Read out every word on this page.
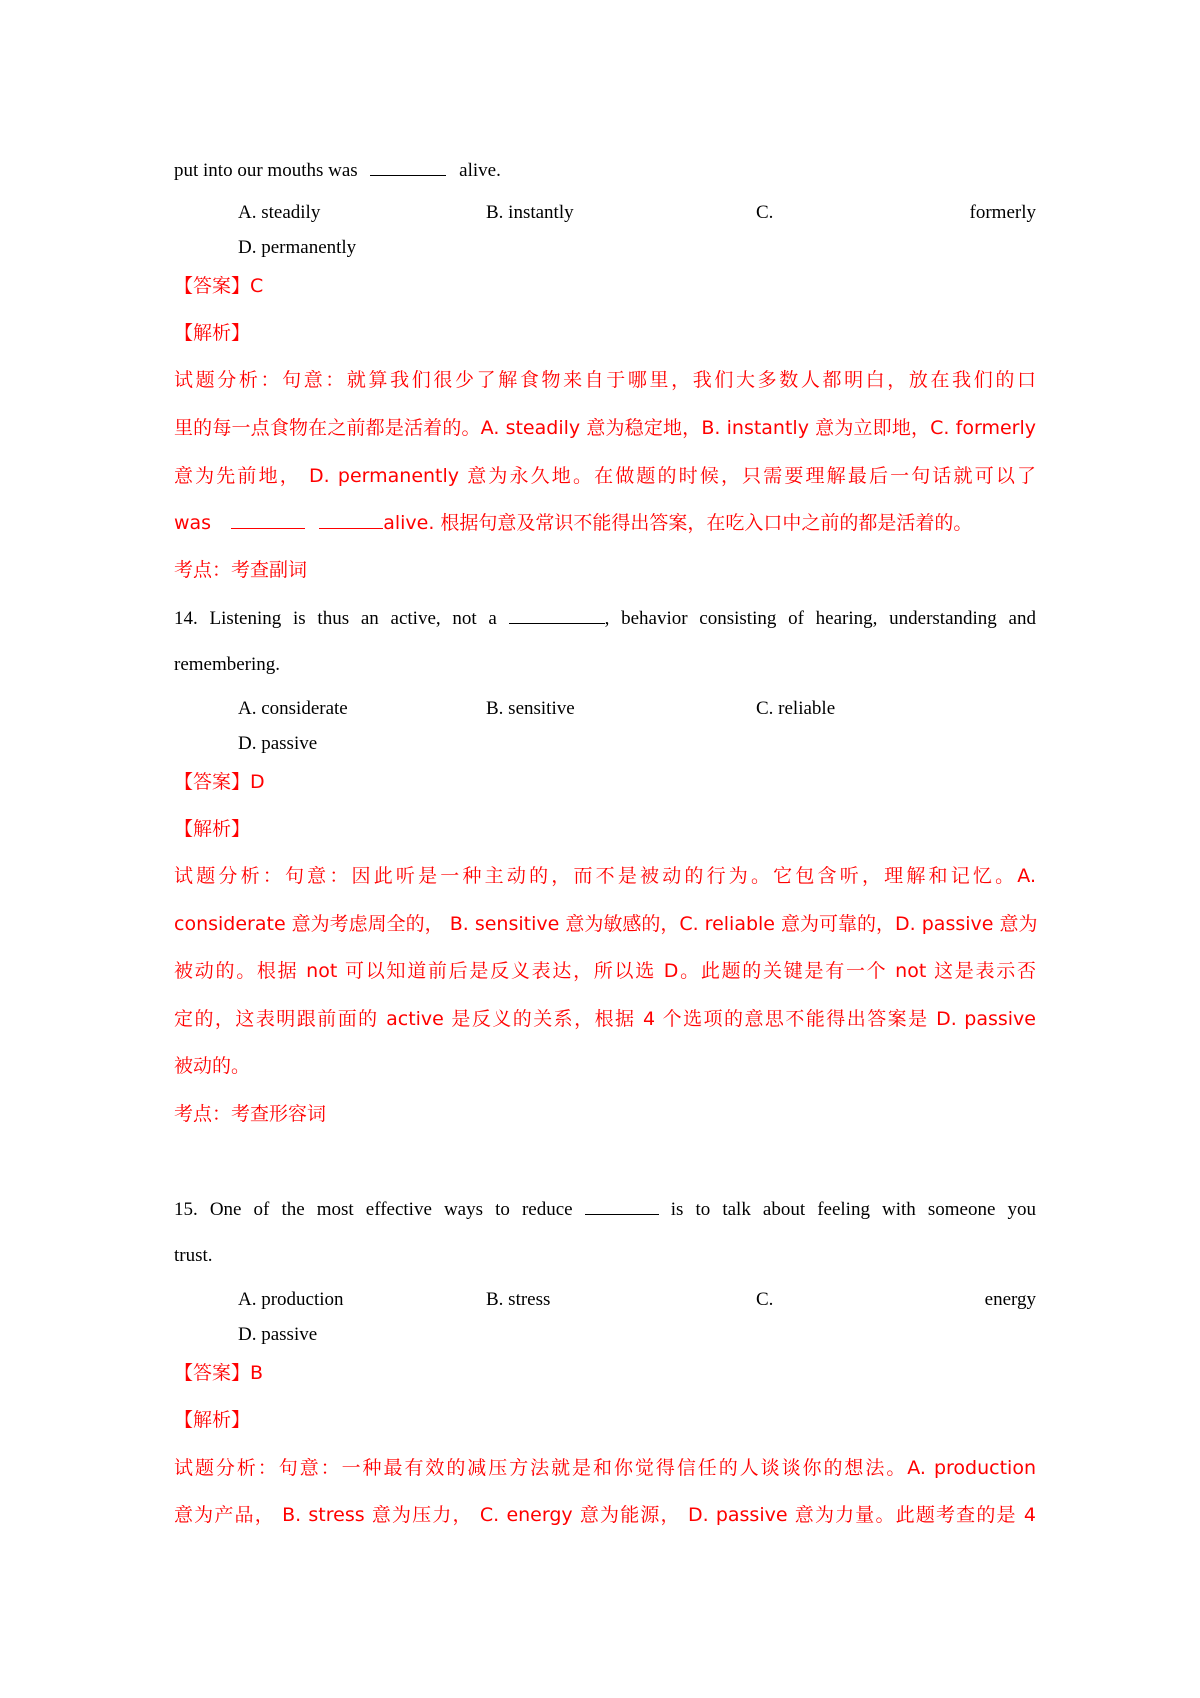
put into our mouths was	alive.
A. steadily	B. instantly	C.	formerly
D. permanently
【答案】C
【解析】
试题分析：句意：就算我们很少了解食物来自于哪里，我们大多数人都明白，放在我们的口
里的每一点食物在之前都是活着的。A. steadily 意为稳定地，B. instantly 意为立即地，C. formerly
意为先前地， D. permanently 意为永久地。在做题的时候，只需要理解最后一句话就可以了
was	alive. 根据句意及常识不能得出答案，在吃入口中之前的都是活着的。
考点：考查副词
14. Listening is thus an active, not a	, behavior consisting of hearing, understanding and
remembering.
A. considerate	B. sensitive	C. reliable
D. passive
【答案】D
【解析】
试题分析：句意：因此听是一种主动的，而不是被动的行为。它包含听，理解和记忆。A.
considerate 意为考虑周全的， B. sensitive 意为敏感的，C. reliable 意为可靠的，D. passive 意为
被动的。根据 not 可以知道前后是反义表达，所以选 D。此题的关键是有一个 not 这是表示否
定的，这表明跟前面的 active 是反义的关系，根据 4 个选项的意思不能得出答案是 D. passive
被动的。
考点：考查形容词
15. One of the most effective ways to reduce	is to talk about feeling with someone you
trust.
A. production	B. stress	C.	energy
D. passive
【答案】B
【解析】
试题分析：句意：一种最有效的减压方法就是和你觉得信任的人谈谈你的想法。A. production
意为产品， B. stress 意为压力， C. energy 意为能源， D. passive 意为力量。此题考查的是 4
